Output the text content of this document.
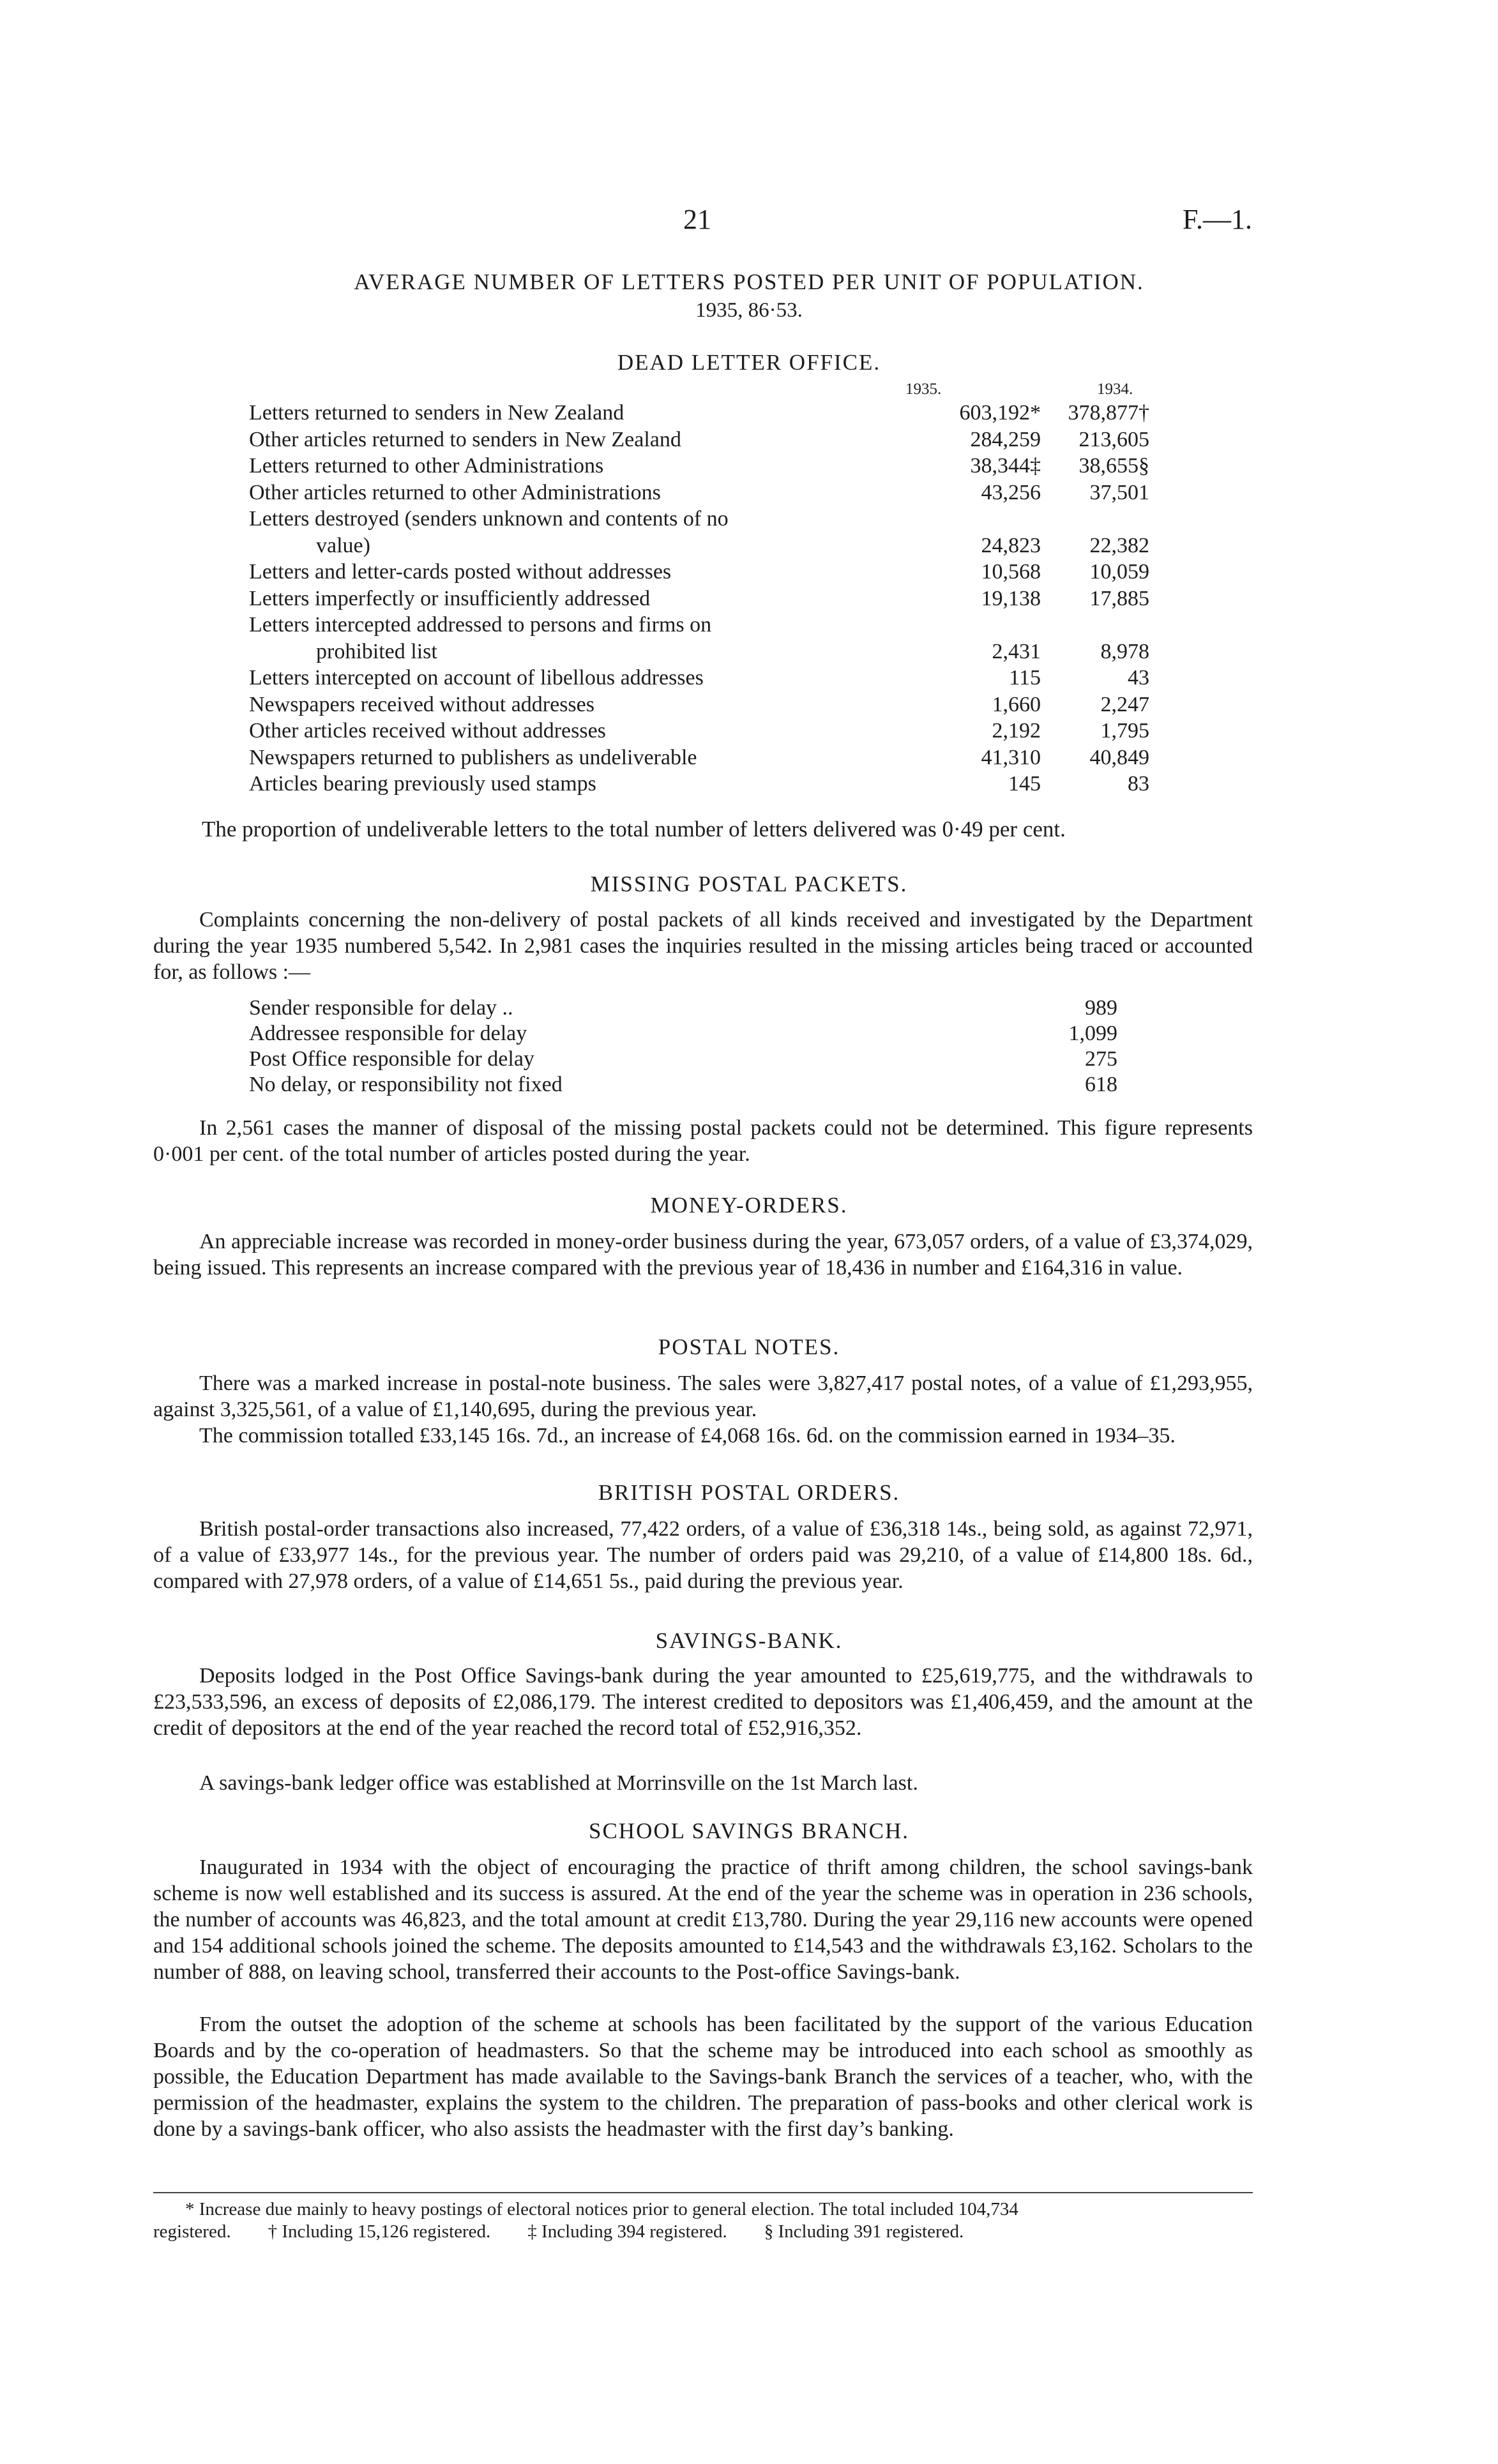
21	F.—1.
AVERAGE NUMBER OF LETTERS POSTED PER UNIT OF POPULATION.
1935, 86·53.
DEAD LETTER OFFICE.
1935.	1934.
Letters returned to senders in New Zealand	603,192*	378,877†
Other articles returned to senders in New Zealand	284,259	213,605
Letters returned to other Administrations	38,344‡	38,655§
Other articles returned to other Administrations	43,256	37,501
Letters destroyed (senders unknown and contents of no
value)	24,823	22,382
Letters and letter-cards posted without addresses	10,568	10,059
Letters imperfectly or insufficiently addressed	19,138	17,885
Letters intercepted addressed to persons and firms on
prohibited list	2,431	8,978
Letters intercepted on account of libellous addresses	115	43
Newspapers received without addresses	1,660	2,247
Other articles received without addresses	2,192	1,795
Newspapers returned to publishers as undeliverable	41,310	40,849
Articles bearing previously used stamps	145	83
The proportion of undeliverable letters to the total number of letters delivered was 0·49 per cent.
MISSING POSTAL PACKETS.
Complaints concerning the non-delivery of postal packets of all kinds received and investigated by the Department during the year 1935 numbered 5,542. In 2,981 cases the inquiries resulted in the missing articles being traced or accounted for, as follows :—
Sender responsible for delay ..	989
Addressee responsible for delay	1,099
Post Office responsible for delay	275
No delay, or responsibility not fixed	618
In 2,561 cases the manner of disposal of the missing postal packets could not be determined. This figure represents 0·001 per cent. of the total number of articles posted during the year.
MONEY-ORDERS.
An appreciable increase was recorded in money-order business during the year, 673,057 orders, of a value of £3,374,029, being issued. This represents an increase compared with the previous year of 18,436 in number and £164,316 in value.
POSTAL NOTES.
There was a marked increase in postal-note business. The sales were 3,827,417 postal notes, of a value of £1,293,955, against 3,325,561, of a value of £1,140,695, during the previous year.
The commission totalled £33,145 16s. 7d., an increase of £4,068 16s. 6d. on the commission earned in 1934–35.
BRITISH POSTAL ORDERS.
British postal-order transactions also increased, 77,422 orders, of a value of £36,318 14s., being sold, as against 72,971, of a value of £33,977 14s., for the previous year. The number of orders paid was 29,210, of a value of £14,800 18s. 6d., compared with 27,978 orders, of a value of £14,651 5s., paid during the previous year.
SAVINGS-BANK.
Deposits lodged in the Post Office Savings-bank during the year amounted to £25,619,775, and the withdrawals to £23,533,596, an excess of deposits of £2,086,179. The interest credited to depositors was £1,406,459, and the amount at the credit of depositors at the end of the year reached the record total of £52,916,352.
A savings-bank ledger office was established at Morrinsville on the 1st March last.
SCHOOL SAVINGS BRANCH.
Inaugurated in 1934 with the object of encouraging the practice of thrift among children, the school savings-bank scheme is now well established and its success is assured. At the end of the year the scheme was in operation in 236 schools, the number of accounts was 46,823, and the total amount at credit £13,780. During the year 29,116 new accounts were opened and 154 additional schools joined the scheme. The deposits amounted to £14,543 and the withdrawals £3,162. Scholars to the number of 888, on leaving school, transferred their accounts to the Post-office Savings-bank.
From the outset the adoption of the scheme at schools has been facilitated by the support of the various Education Boards and by the co-operation of headmasters. So that the scheme may be introduced into each school as smoothly as possible, the Education Department has made available to the Savings-bank Branch the services of a teacher, who, with the permission of the headmaster, explains the system to the children. The preparation of pass-books and other clerical work is done by a savings-bank officer, who also assists the headmaster with the first day’s banking.
* Increase due mainly to heavy postings of electoral notices prior to general election. The total included 104,734
registered.        † Including 15,126 registered.        ‡ Including 394 registered.        § Including 391 registered.
